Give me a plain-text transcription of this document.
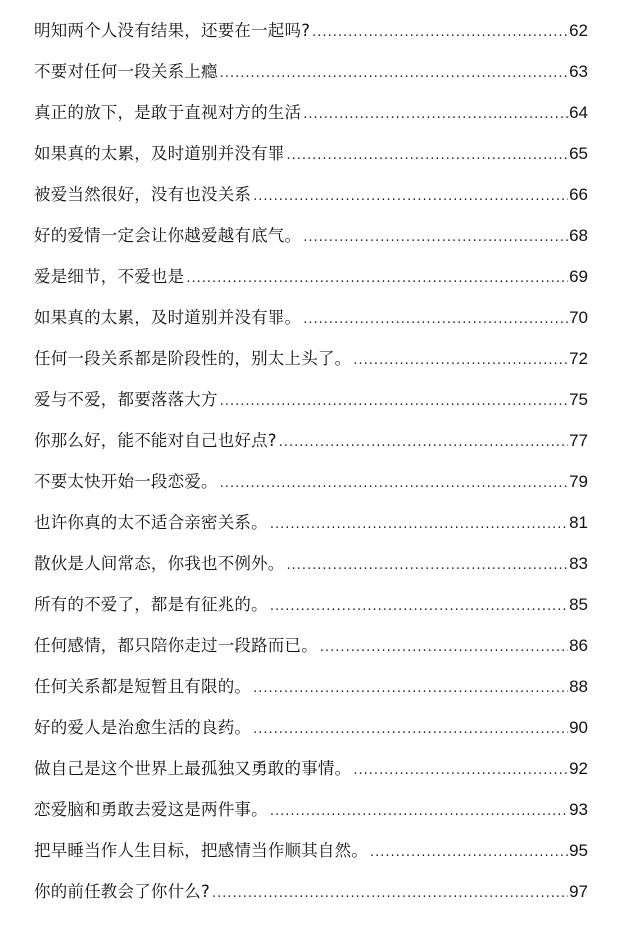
明知两个人没有结果，还要在一起吗? .....	62
不要对任何一段关系上瘾 .....	63
真正的放下，是敢于直视对方的生活 .....	64
如果真的太累，及时道别并没有罪 .....	65
被爱当然很好，没有也没关系 .....	66
好的爱情一定会让你越爱越有底气。 .....	68
爱是细节，不爱也是 .....	69
如果真的太累，及时道别并没有罪。 .....	70
任何一段关系都是阶段性的，别太上头了。 .....	72
爱与不爱，都要落落大方 .....	75
你那么好，能不能对自己也好点? .....	77
不要太快开始一段恋爱。 .....	79
也许你真的太不适合亲密关系。 .....	81
散伙是人间常态，你我也不例外。 .....	83
所有的不爱了，都是有征兆的。 .....	85
任何感情，都只陪你走过一段路而已。 .....	86
任何关系都是短暂且有限的。 .....	88
好的爱人是治愈生活的良药。 .....	90
做自己是这个世界上最孤独又勇敢的事情。 .....	92
恋爱脑和勇敢去爱这是两件事。 .....	93
把早睡当作人生目标，把感情当作顺其自然。 .....	95
你的前任教会了你什么? .....	97
